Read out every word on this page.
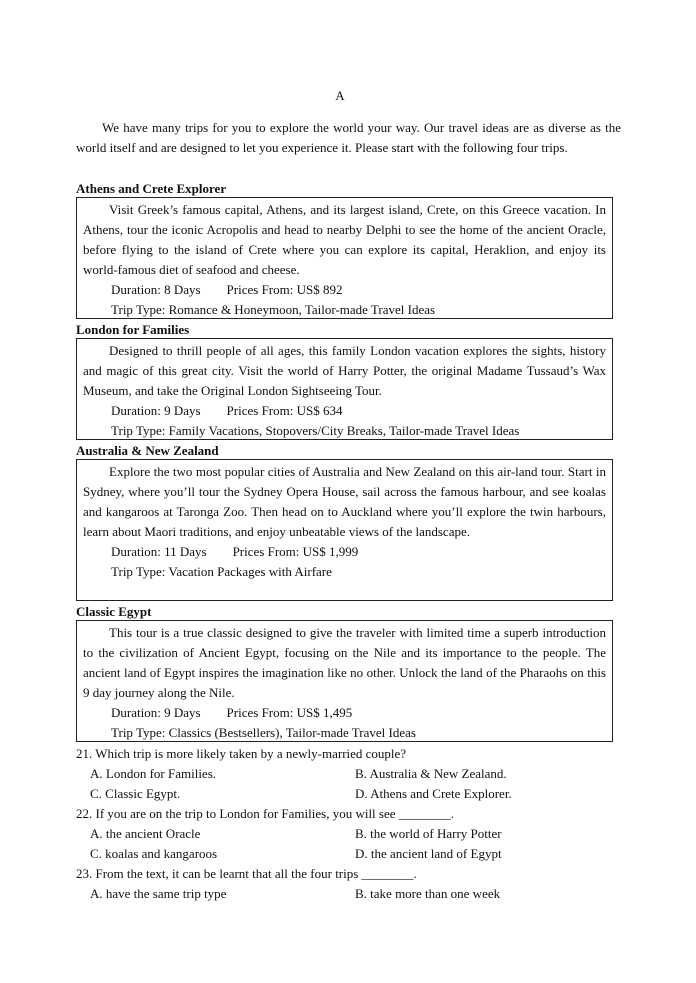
A

We have many trips for you to explore the world your way. Our travel ideas are as diverse as the world itself and are designed to let you experience it. Please start with the following four trips.

Athens and Crete Explorer

Visit Greek’s famous capital, Athens, and its largest island, Crete, on this Greece vacation. In Athens, tour the iconic Acropolis and head to nearby Delphi to see the home of the ancient Oracle, before flying to the island of Crete where you can explore its capital, Heraklion, and enjoy its world-famous diet of seafood and cheese.

Duration: 8 Days Prices From: US$ 892
Trip Type: Romance & Honeymoon, Tailor-made Travel Ideas
London for Families

Designed to thrill people of all ages, this family London vacation explores the sights, history and magic of this great city. Visit the world of Harry Potter, the original Madame Tussaud’s Wax Museum, and take the Original London Sightseeing Tour.

Duration: 9 Days Prices From: US$ 634
Trip Type: Family Vacations, Stopovers/City Breaks, Tailor-made Travel Ideas
Australia & New Zealand

Explore the two most popular cities of Australia and New Zealand on this air-land tour. Start in Sydney, where you’ll tour the Sydney Opera House, sail across the famous harbour, and see koalas and kangaroos at Taronga Zoo. Then head on to Auckland where you’ll explore the twin harbours, learn about Maori traditions, and enjoy unbeatable views of the landscape.

Duration: 11 Days Prices From: US$ 1,999
Trip Type: Vacation Packages with Airfare
Classic Egypt

This tour is a true classic designed to give the traveler with limited time a superb introduction to the civilization of Ancient Egypt, focusing on the Nile and its importance to the people. The ancient land of Egypt inspires the imagination like no other. Unlock the land of the Pharaohs on this 9 day journey along the Nile.

Duration: 9 Days Prices From: US$ 1,495
Trip Type: Classics (Bestsellers), Tailor-made Travel Ideas
21. Which trip is more likely taken by a newly-married couple?
A. London for Families.	B. Australia & New Zealand.
C. Classic Egypt.	D. Athens and Crete Explorer.
22. If you are on the trip to London for Families, you will see ________.
A. the ancient Oracle	B. the world of Harry Potter
C. koalas and kangaroos	D. the ancient land of Egypt
23. From the text, it can be learnt that all the four trips ________.
A. have the same trip type	B. take more than one week
